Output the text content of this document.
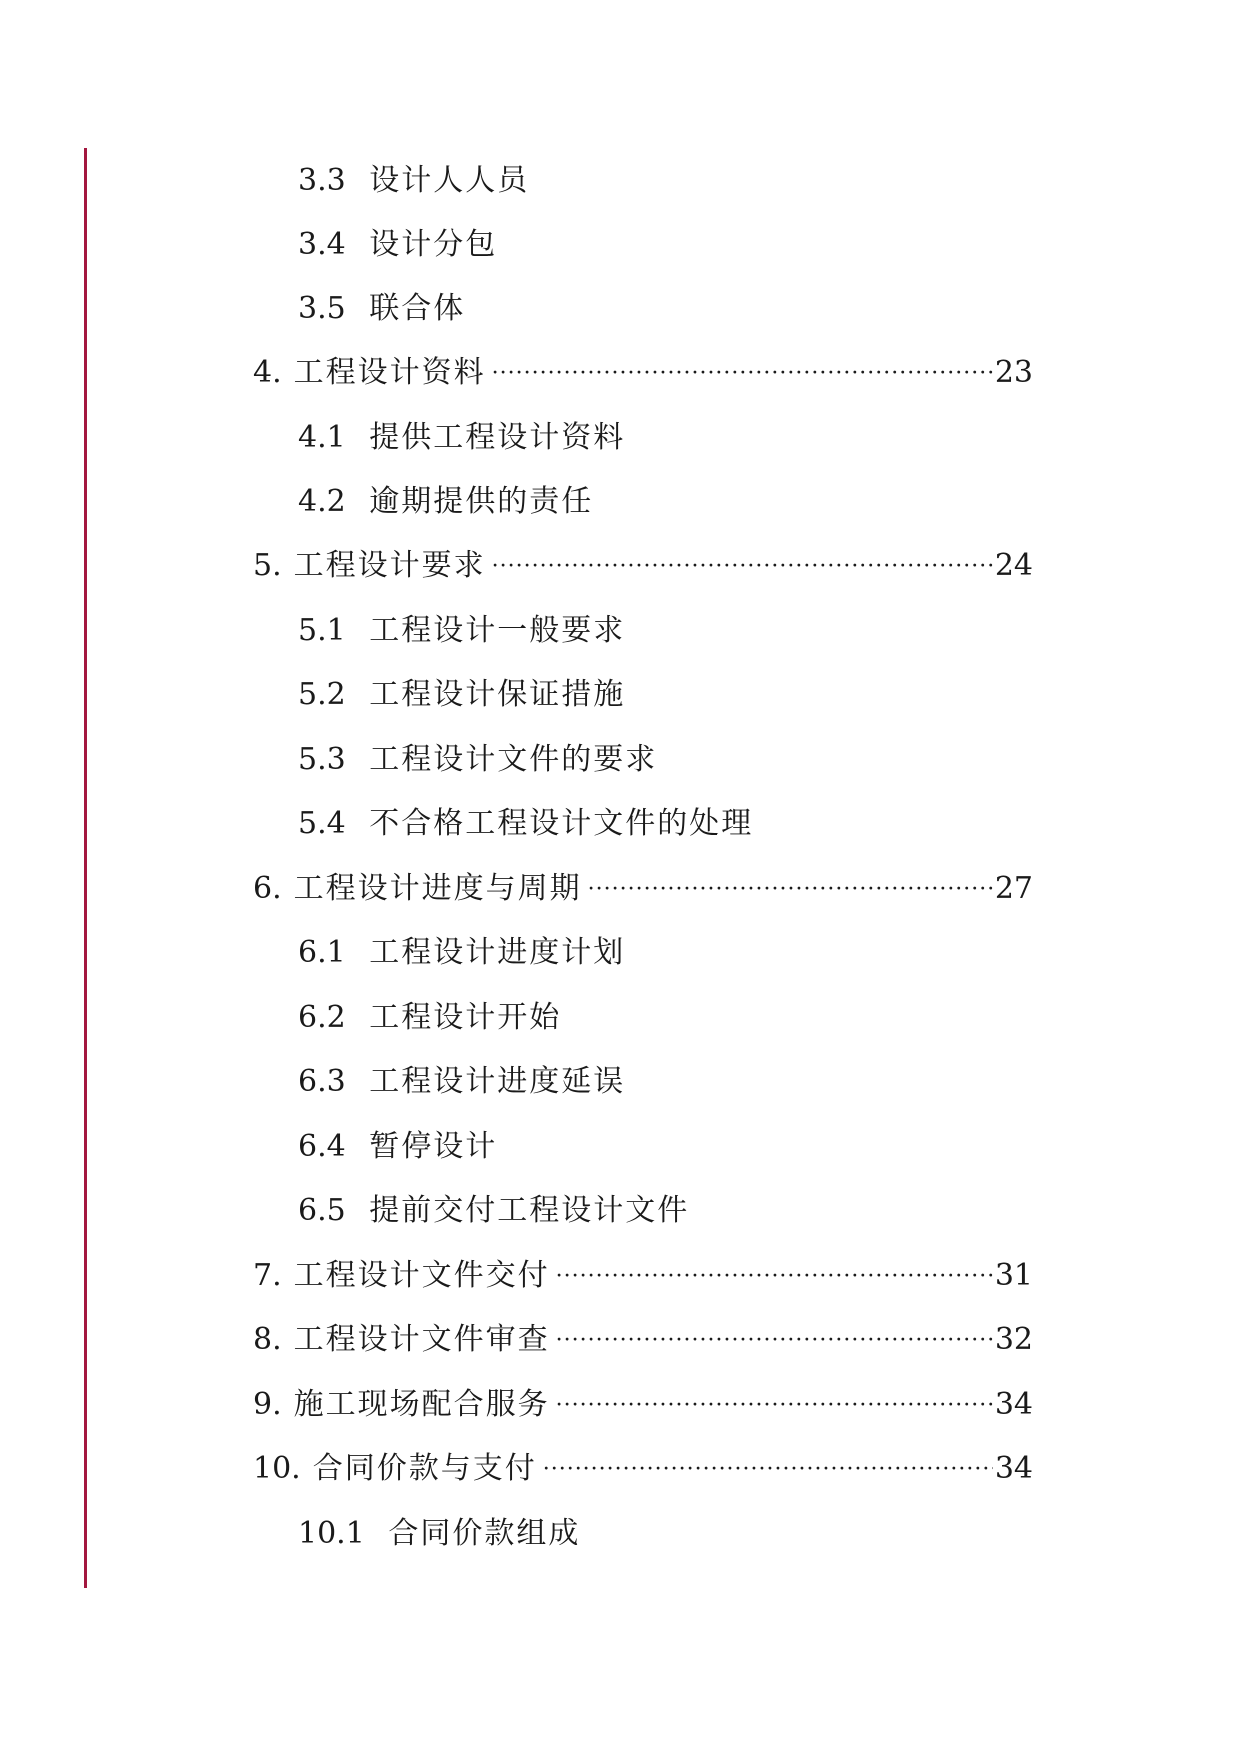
3.3 设计人人员
3.4 设计分包
3.5 联合体
4. 工程设计资料 ·····	23
4.1 提供工程设计资料
4.2 逾期提供的责任
5. 工程设计要求 ·····	24
5.1 工程设计一般要求
5.2 工程设计保证措施
5.3 工程设计文件的要求
5.4 不合格工程设计文件的处理
6. 工程设计进度与周期 ·····	27
6.1 工程设计进度计划
6.2 工程设计开始
6.3 工程设计进度延误
6.4 暂停设计
6.5 提前交付工程设计文件
7. 工程设计文件交付 ·····	31
8. 工程设计文件审查 ·····	32
9. 施工现场配合服务 ·····	34
10. 合同价款与支付 ·····	34
10.1 合同价款组成
